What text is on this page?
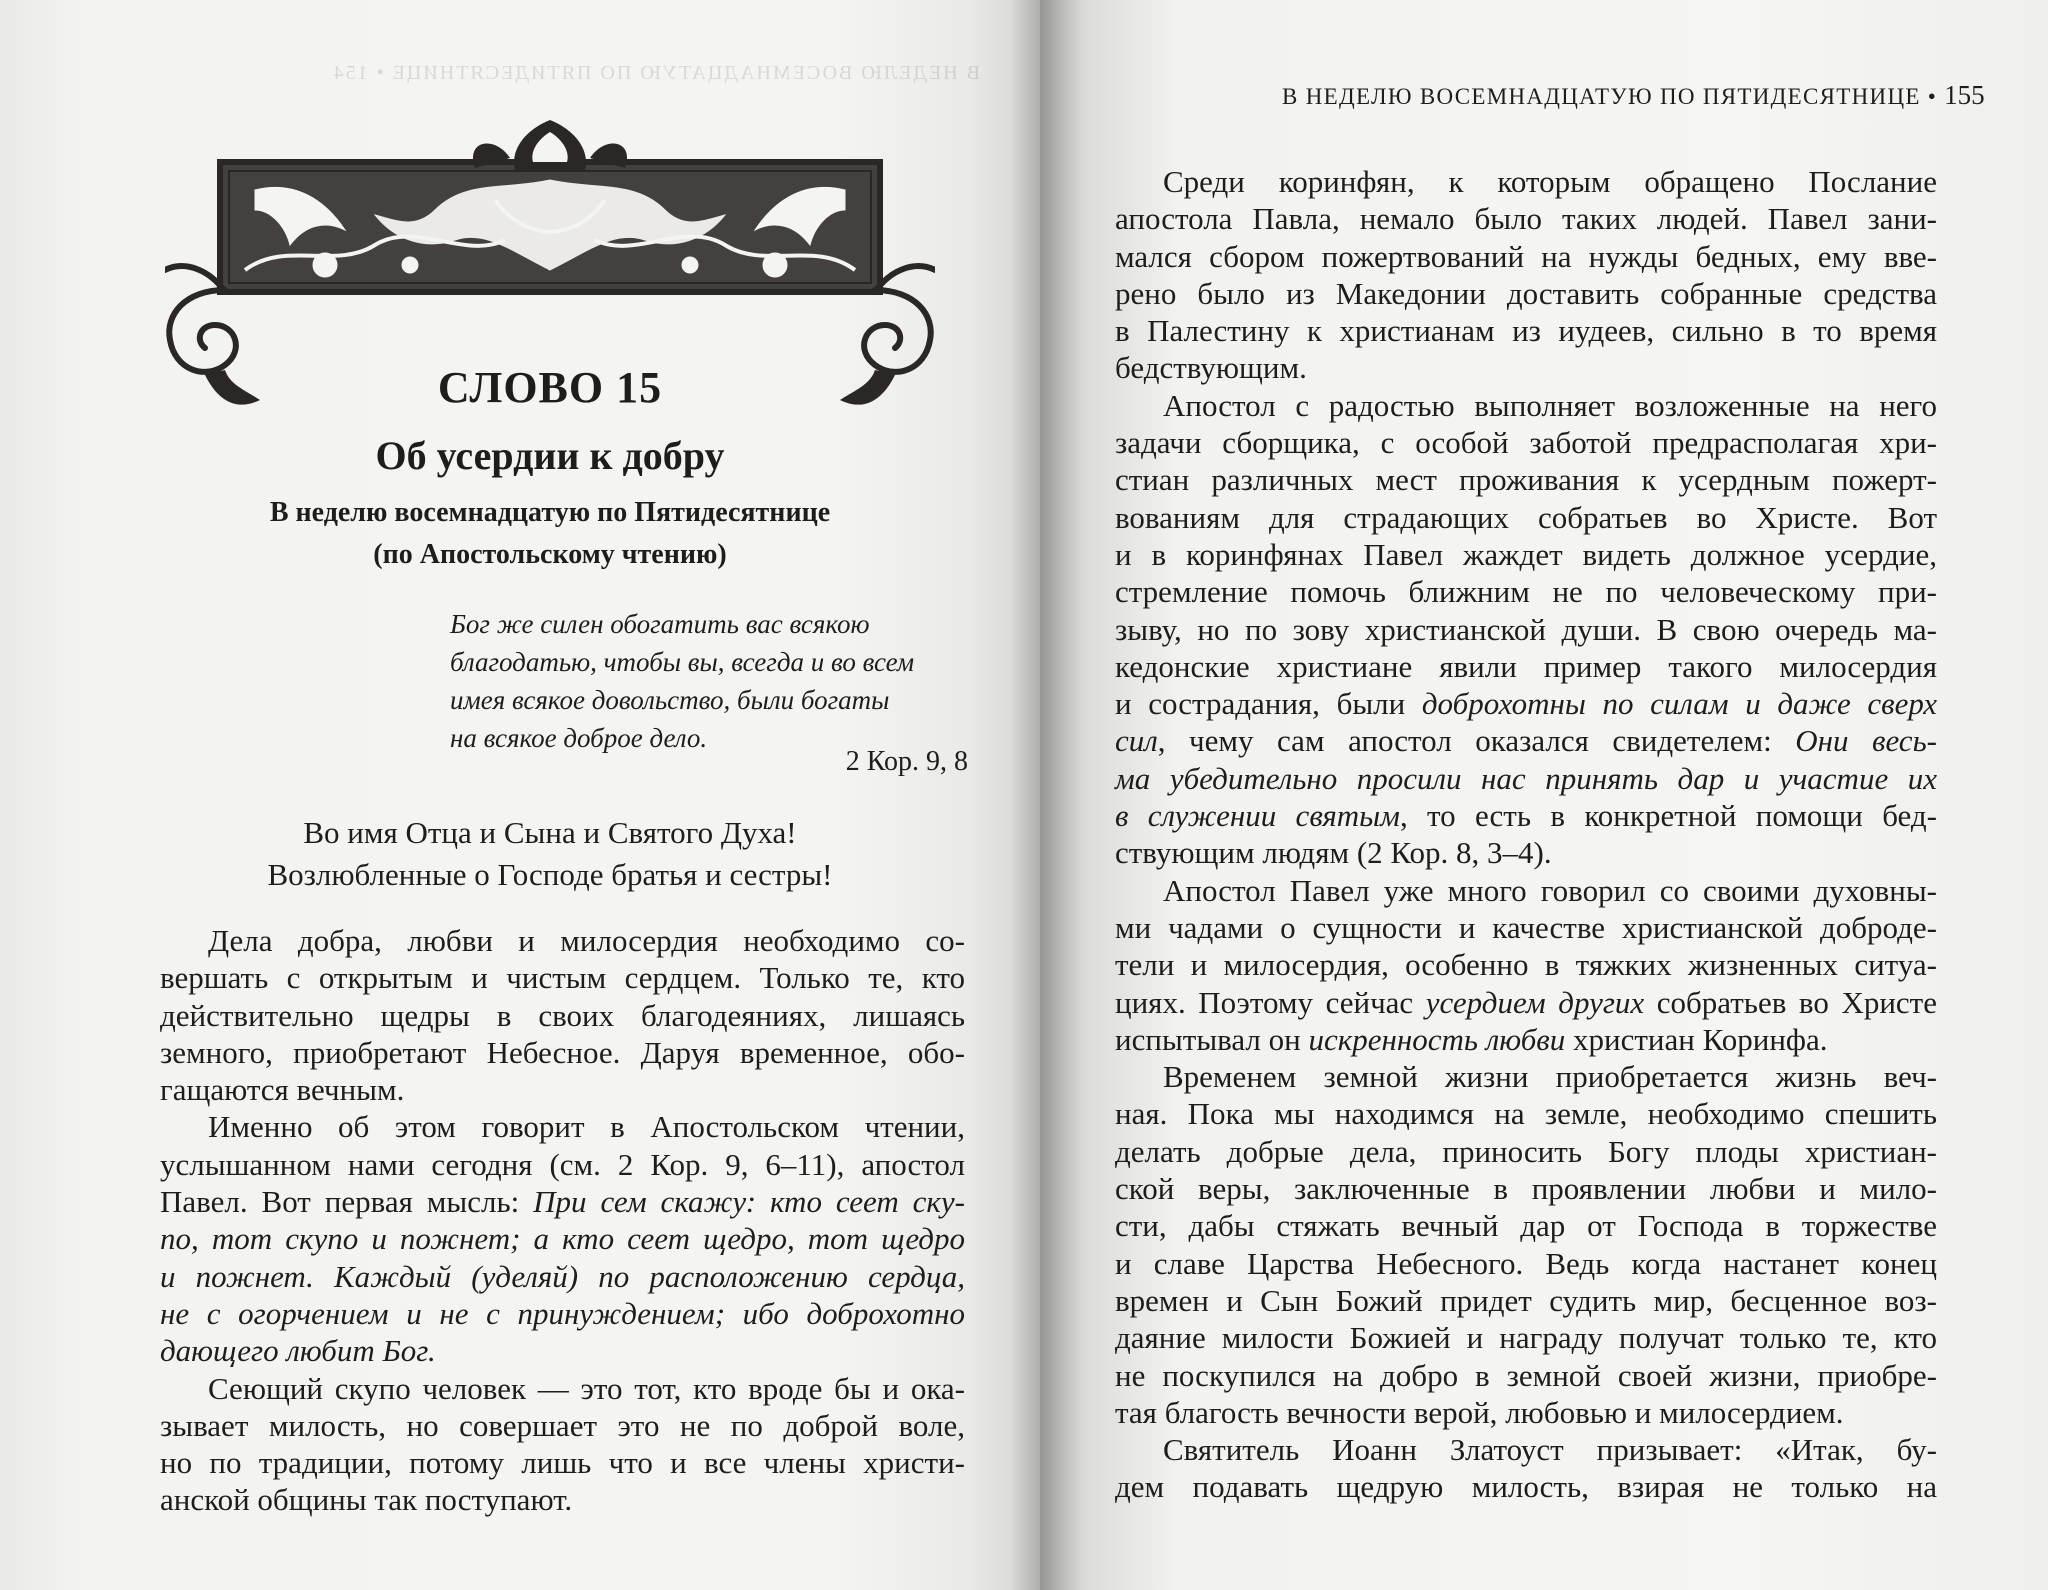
В НЕДЕЛЮ ВОСЕМНАДЦАТУЮ ПО ПЯТИДЕСЯТНИЦЕ • 154
СЛОВО 15
Об усердии к добру
В неделю восемнадцатую по Пятидесятнице
(по Апостольскому чтению)
Бог же силен обогатить вас всякою
благодатью, чтобы вы, всегда и во всем
имея всякое довольство, были богаты
на всякое доброе дело.
2 Кор. 9, 8
Во имя Отца и Сына и Святого Духа!
Возлюбленные о Господе братья и сестры!
Дела добра, любви и милосердия необходимо со-
вершать с открытым и чистым сердцем. Только те, кто
действительно щедры в своих благодеяниях, лишаясь
земного, приобретают Небесное. Даруя временное, обо-
гащаются вечным.
Именно об этом говорит в Апостольском чтении,
услышанном нами сегодня (см. 2 Кор. 9, 6–11), апостол
Павел. Вот первая мысль: При сем скажу: кто сеет ску-
по, тот скупо и пожнет; а кто сеет щедро, тот щедро
и пожнет. Каждый (уделяй) по расположению сердца,
не с огорчением и не с принуждением; ибо доброхотно
дающего любит Бог.
Сеющий скупо человек — это тот, кто вроде бы и ока-
зывает милость, но совершает это не по доброй воле,
но по традиции, потому лишь что и все члены христи-
анской общины так поступают.
В НЕДЕЛЮ ВОСЕМНАДЦАТУЮ ПО ПЯТИДЕСЯТНИЦЕ • 155
Среди коринфян, к которым обращено Послание
апостола Павла, немало было таких людей. Павел зани-
мался сбором пожертвований на нужды бедных, ему вве-
рено было из Македонии доставить собранные средства
в Палестину к христианам из иудеев, сильно в то время
бедствующим.
Апостол с радостью выполняет возложенные на него
задачи сборщика, с особой заботой предрасполагая хри-
стиан различных мест проживания к усердным пожерт-
вованиям для страдающих собратьев во Христе. Вот
и в коринфянах Павел жаждет видеть должное усердие,
стремление помочь ближним не по человеческому при-
зыву, но по зову христианской души. В свою очередь ма-
кедонские христиане явили пример такого милосердия
и сострадания, были доброхотны по силам и даже сверх
сил, чему сам апостол оказался свидетелем: Они весь-
ма убедительно просили нас принять дар и участие их
в служении святым, то есть в конкретной помощи бед-
ствующим людям (2 Кор. 8, 3–4).
Апостол Павел уже много говорил со своими духовны-
ми чадами о сущности и качестве христианской доброде-
тели и милосердия, особенно в тяжких жизненных ситуа-
циях. Поэтому сейчас усердием других собратьев во Христе
испытывал он искренность любви христиан Коринфа.
Временем земной жизни приобретается жизнь веч-
ная. Пока мы находимся на земле, необходимо спешить
делать добрые дела, приносить Богу плоды христиан-
ской веры, заключенные в проявлении любви и мило-
сти, дабы стяжать вечный дар от Господа в торжестве
и славе Царства Небесного. Ведь когда настанет конец
времен и Сын Божий придет судить мир, бесценное воз-
даяние милости Божией и награду получат только те, кто
не поскупился на добро в земной своей жизни, приобре-
тая благость вечности верой, любовью и милосердием.
Святитель Иоанн Златоуст призывает: «Итак, бу-
дем подавать щедрую милость, взирая не только на
